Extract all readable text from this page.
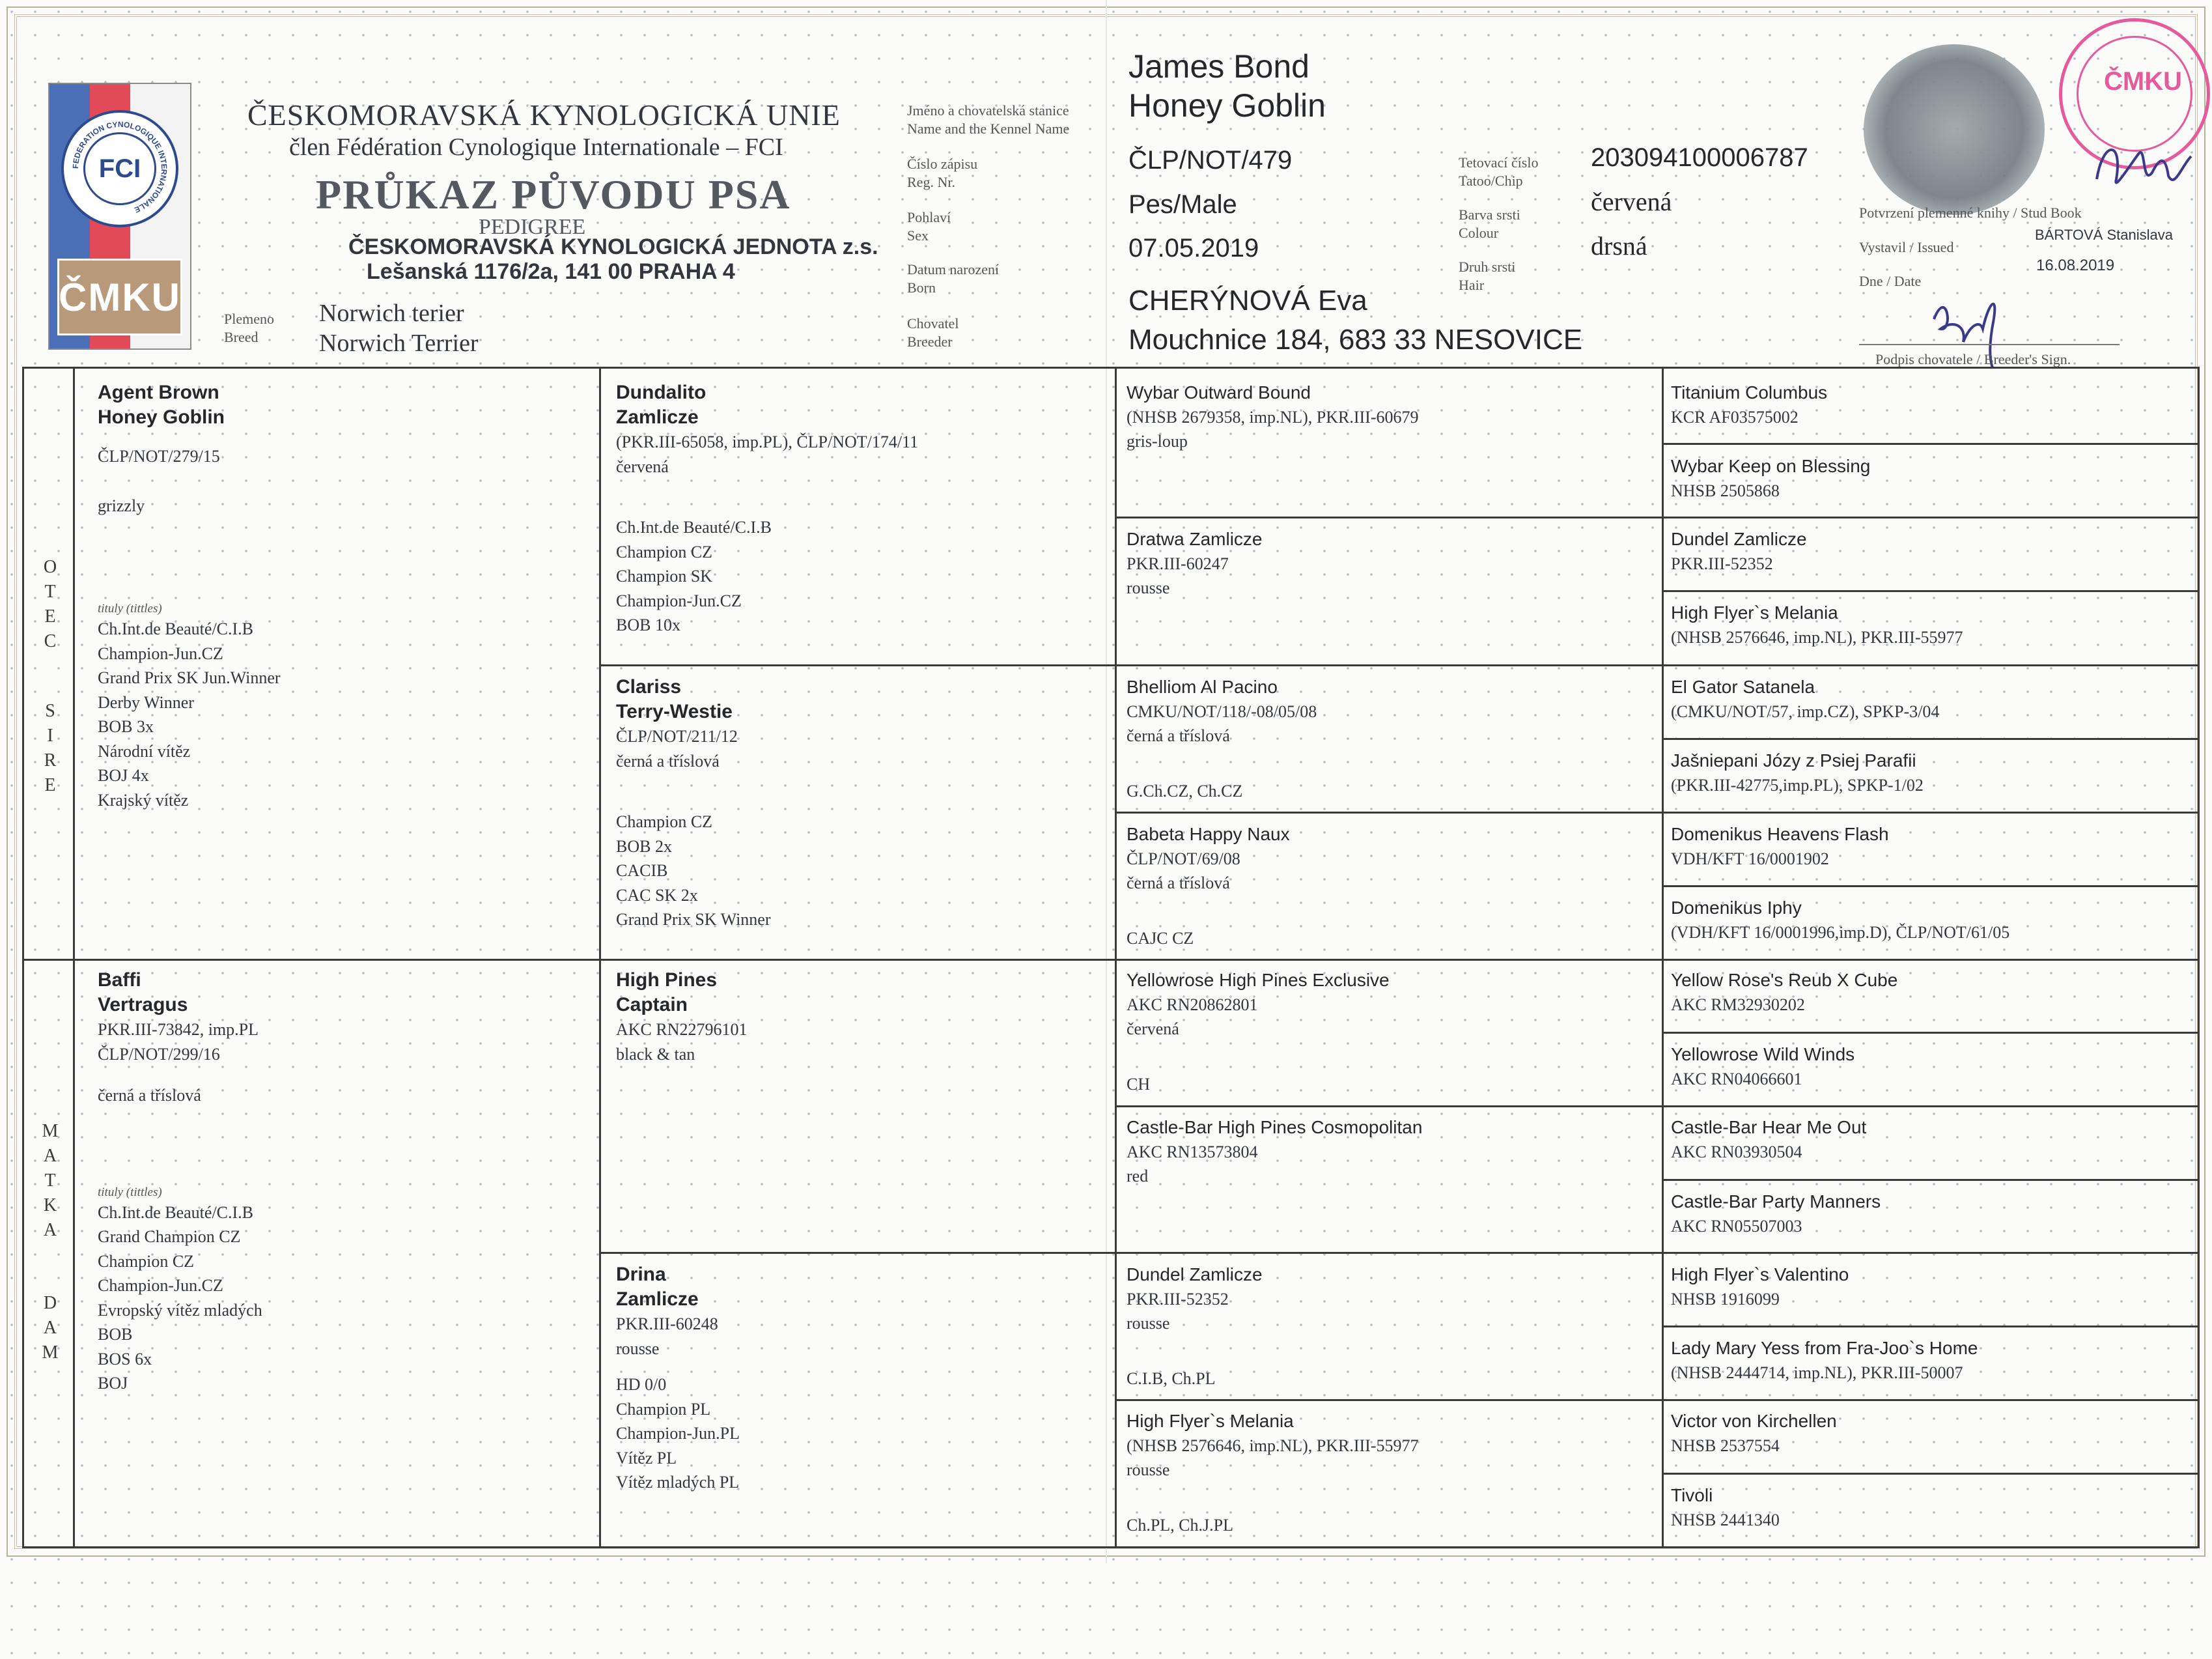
FEDERATION CYNOLOGIQUE INTERNATIONALE
FCI
ČMKU
ČESKOMORAVSKÁ KYNOLOGICKÁ UNIE
člen Fédération Cynologique Internationale – FCI
PRŮKAZ PŮVODU PSA
PEDIGREE
ČESKOMORAVSKÁ KYNOLOGICKÁ JEDNOTA z.s.
Lešanská 1176/2a, 141 00 PRAHA 4
Plemeno
Breed
Norwich terier
Norwich Terrier
Jméno a chovatelská stanice
Name and the Kennel Name
Číslo zápisu
Reg. Nr.
Pohlaví
Sex
Datum narození
Born
Chovatel
Breeder
James Bond
Honey Goblin
ČLP/NOT/479
Pes/Male
07.05.2019
CHERÝNOVÁ Eva
Mouchnice 184, 683 33 NESOVICE
Tetovací číslo
Tatoo/Chip
Barva srsti
Colour
Druh srsti
Hair
203094100006787
červená
drsná
ČMKU
Potvrzení plemenné knihy / Stud Book
Vystavil / Issued
BÁRTOVÁ Stanislava
Dne / Date
16.08.2019
Podpis chovatele / Breeder's Sign.
O
T
E
C
S
I
R
E
M
A
T
K
A
D
A
M
Agent Brown
Honey Goblin
ČLP/NOT/279/15
grizzly
tituly (tittles)
Ch.Int.de Beauté/C.I.B
Champion-Jun.CZ
Grand Prix SK Jun.Winner
Derby Winner
BOB 3x
Národní vítěz
BOJ 4x
Krajský vítěz
Baffi
Vertragus
PKR.III-73842, imp.PL
ČLP/NOT/299/16
černá a tříslová
tituly (tittles)
Ch.Int.de Beauté/C.I.B
Grand Champion CZ
Champion CZ
Champion-Jun.CZ
Evropský vítěz mladých
BOB
BOS 6x
BOJ
Dundalito
Zamlicze
(PKR.III-65058, imp.PL), ČLP/NOT/174/11
červená
Ch.Int.de Beauté/C.I.B
Champion CZ
Champion SK
Champion-Jun.CZ
BOB 10x
Clariss
Terry-Westie
ČLP/NOT/211/12
černá a tříslová
Champion CZ
BOB 2x
CACIB
CAC SK 2x
Grand Prix SK Winner
High Pines
Captain
AKC RN22796101
black & tan
Drina
Zamlicze
PKR.III-60248
rousse
HD 0/0
Champion PL
Champion-Jun.PL
Vítěz PL
Vítěz mladých PL
Wybar Outward Bound
(NHSB 2679358, imp.NL), PKR.III-60679
gris-loup
Dratwa Zamlicze
PKR.III-60247
rousse
Bhelliom Al Pacino
CMKU/NOT/118/-08/05/08
černá a tříslová
G.Ch.CZ, Ch.CZ
Babeta Happy Naux
ČLP/NOT/69/08
černá a tříslová
CAJC CZ
Yellowrose High Pines Exclusive
AKC RN20862801
červená
CH
Castle-Bar High Pines Cosmopolitan
AKC RN13573804
red
Dundel Zamlicze
PKR.III-52352
rousse
C.I.B, Ch.PL
High Flyer`s Melania
(NHSB 2576646, imp.NL), PKR.III-55977
rousse
Ch.PL, Ch.J.PL
Titanium Columbus
KCR AF03575002
Wybar Keep on Blessing
NHSB 2505868
Dundel Zamlicze
PKR.III-52352
High Flyer`s Melania
(NHSB 2576646, imp.NL), PKR.III-55977
El Gator Satanela
(CMKU/NOT/57, imp.CZ), SPKP-3/04
Jašniepani Józy z Psiej Parafii
(PKR.III-42775,imp.PL), SPKP-1/02
Domenikus Heavens Flash
VDH/KFT 16/0001902
Domenikus Iphy
(VDH/KFT 16/0001996,imp.D), ČLP/NOT/61/05
Yellow Rose's Reub X Cube
AKC RM32930202
Yellowrose Wild Winds
AKC RN04066601
Castle-Bar Hear Me Out
AKC RN03930504
Castle-Bar Party Manners
AKC RN05507003
High Flyer`s Valentino
NHSB 1916099
Lady Mary Yess from Fra-Joo`s Home
(NHSB 2444714, imp.NL), PKR.III-50007
Victor von Kirchellen
NHSB 2537554
Tivoli
NHSB 2441340
